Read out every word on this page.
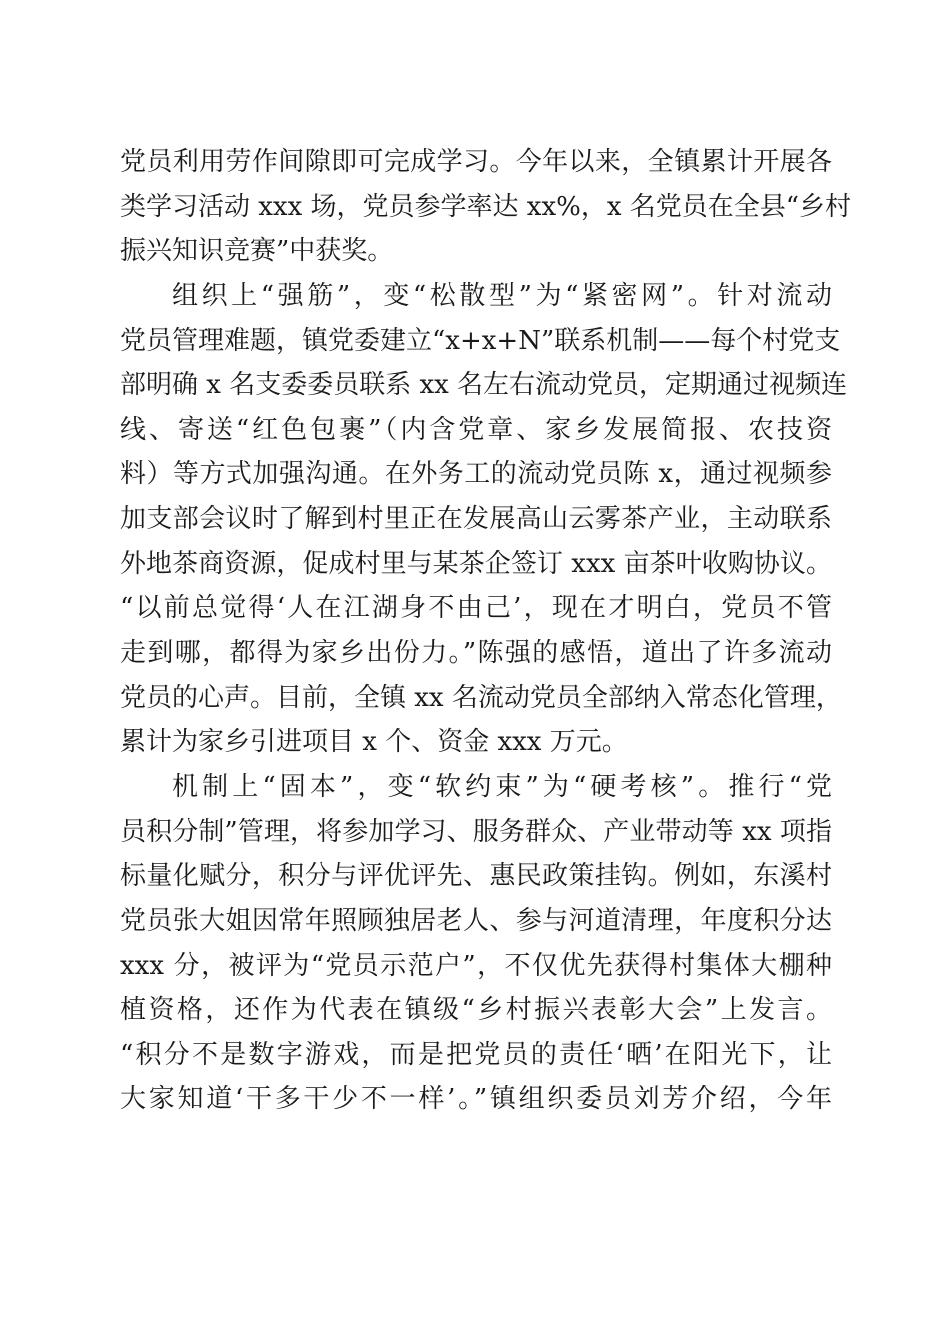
党员利用劳作间隙即可完成学习。今年以来，全镇累计开展各
类学习活动 xxx 场，党员参学率达 xx%，x 名党员在全县“乡村
振兴知识竞赛”中获奖。
组织上“强筋”，变“松散型”为“紧密网”。针对流动
党员管理难题，镇党委建立“x+x+N”联系机制——每个村党支
部明确 x 名支委委员联系 xx 名左右流动党员，定期通过视频连
线、寄送“红色包裹”（内含党章、家乡发展简报、农技资
料）等方式加强沟通。在外务工的流动党员陈 x，通过视频参
加支部会议时了解到村里正在发展高山云雾茶产业，主动联系
外地茶商资源，促成村里与某茶企签订 xxx 亩茶叶收购协议。
“以前总觉得‘人在江湖身不由己’，现在才明白，党员不管
走到哪，都得为家乡出份力。”陈强的感悟，道出了许多流动
党员的心声。目前，全镇 xx 名流动党员全部纳入常态化管理，
累计为家乡引进项目 x 个、资金 xxx 万元。
机制上“固本”，变“软约束”为“硬考核”。推行“党
员积分制”管理，将参加学习、服务群众、产业带动等 xx 项指
标量化赋分，积分与评优评先、惠民政策挂钩。例如，东溪村
党员张大姐因常年照顾独居老人、参与河道清理，年度积分达
xxx 分，被评为“党员示范户”，不仅优先获得村集体大棚种
植资格，还作为代表在镇级“乡村振兴表彰大会”上发言。
“积分不是数字游戏，而是把党员的责任‘晒’在阳光下，让
大家知道‘干多干少不一样’。”镇组织委员刘芳介绍，今年
